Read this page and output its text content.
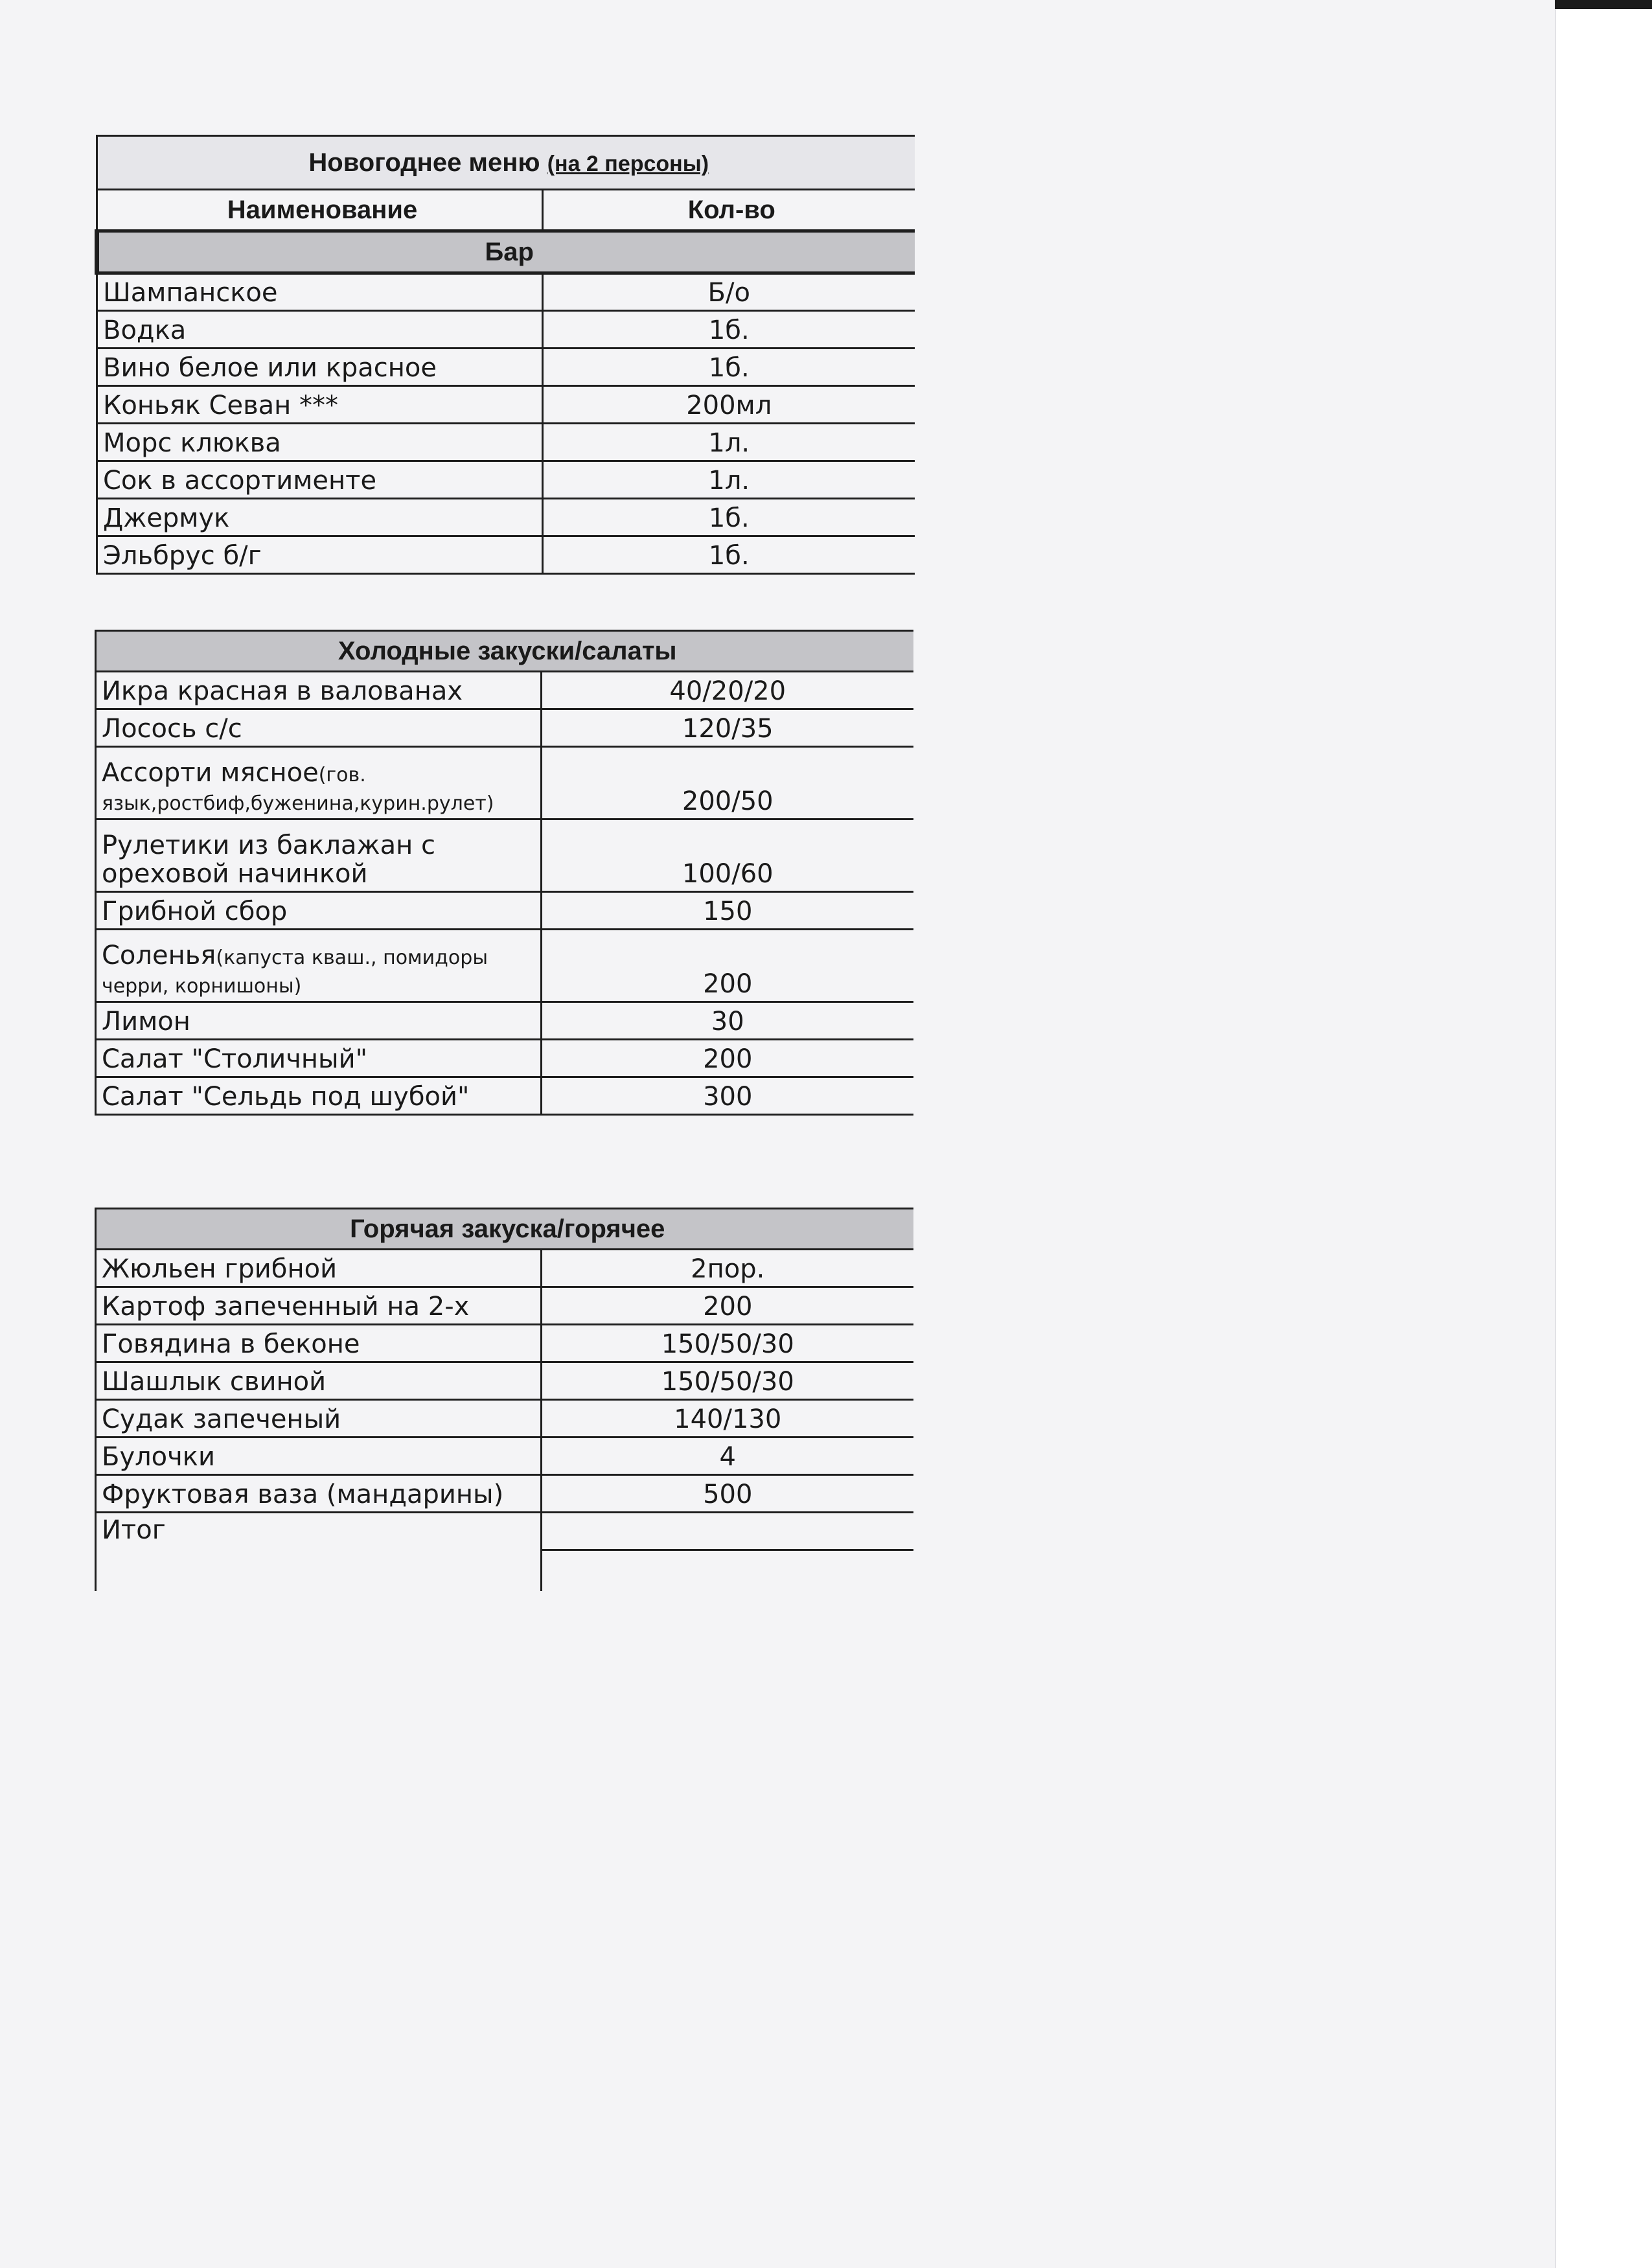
Новогоднее меню (на 2 персоны)	
Наименование	Кол-во
Бар	
Шампанское	Б/о
Водка	1б.
Вино белое или красное	1б.
Коньяк Севан ***	200мл
Морс клюква	1л.
Сок в ассортименте	1л.
Джермук	1б.
Эльбрус б/г	1б.
Холодные закуски/салаты	
Икра красная в валованах	40/20/20
Лосось с/с	120/35
Ассорти мясное(гов. язык,ростбиф,буженина,курин.рулет)	200/50
Рулетики из баклажан с ореховой начинкой	100/60
Грибной сбор	150
Соленья(капуста кваш., помидоры черри, корнишоны)	200
Лимон	30
Салат "Столичный"	200
Салат "Сельдь под шубой"	300
Горячая закуска/горячее	
Жюльен грибной	2пор.
Картоф запеченный на 2-х	200
Говядина в беконе	150/50/30
Шашлык свиной	150/50/30
Судак запеченый	140/130
Булочки	4
Фруктовая ваза (мандарины)	500
Итог	
